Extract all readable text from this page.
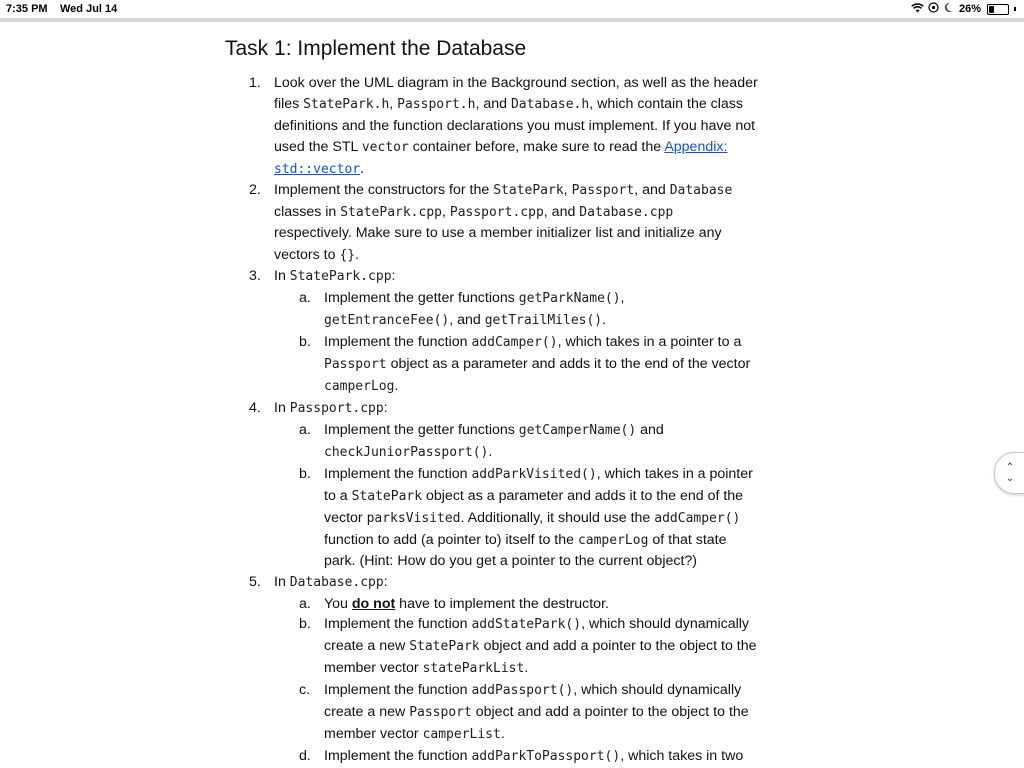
7:35 PM Wed Jul 14	26%
Task 1: Implement the Database
1. Look over the UML diagram in the Background section, as well as the header
files StatePark.h, Passport.h, and Database.h, which contain the class
definitions and the function declarations you must implement. If you have not
used the STL vector container before, make sure to read the Appendix:
std::vector.
2. Implement the constructors for the StatePark, Passport, and Database
classes in StatePark.cpp, Passport.cpp, and Database.cpp
respectively. Make sure to use a member initializer list and initialize any
vectors to {}.
3. In StatePark.cpp:
a. Implement the getter functions getParkName(),
getEntranceFee(), and getTrailMiles().
b. Implement the function addCamper(), which takes in a pointer to a
Passport object as a parameter and adds it to the end of the vector
camperLog.
4. In Passport.cpp:
a. Implement the getter functions getCamperName() and
checkJuniorPassport().
b. Implement the function addParkVisited(), which takes in a pointer
to a StatePark object as a parameter and adds it to the end of the
vector parksVisited. Additionally, it should use the addCamper()
function to add (a pointer to) itself to the camperLog of that state
park. (Hint: How do you get a pointer to the current object?)
5. In Database.cpp:
a. You do not have to implement the destructor.
b. Implement the function addStatePark(), which should dynamically
create a new StatePark object and add a pointer to the object to the
member vector stateParkList.
c. Implement the function addPassport(), which should dynamically
create a new Passport object and add a pointer to the object to the
member vector camperList.
d. Implement the function addParkToPassport(), which takes in two
⌃
⌄
